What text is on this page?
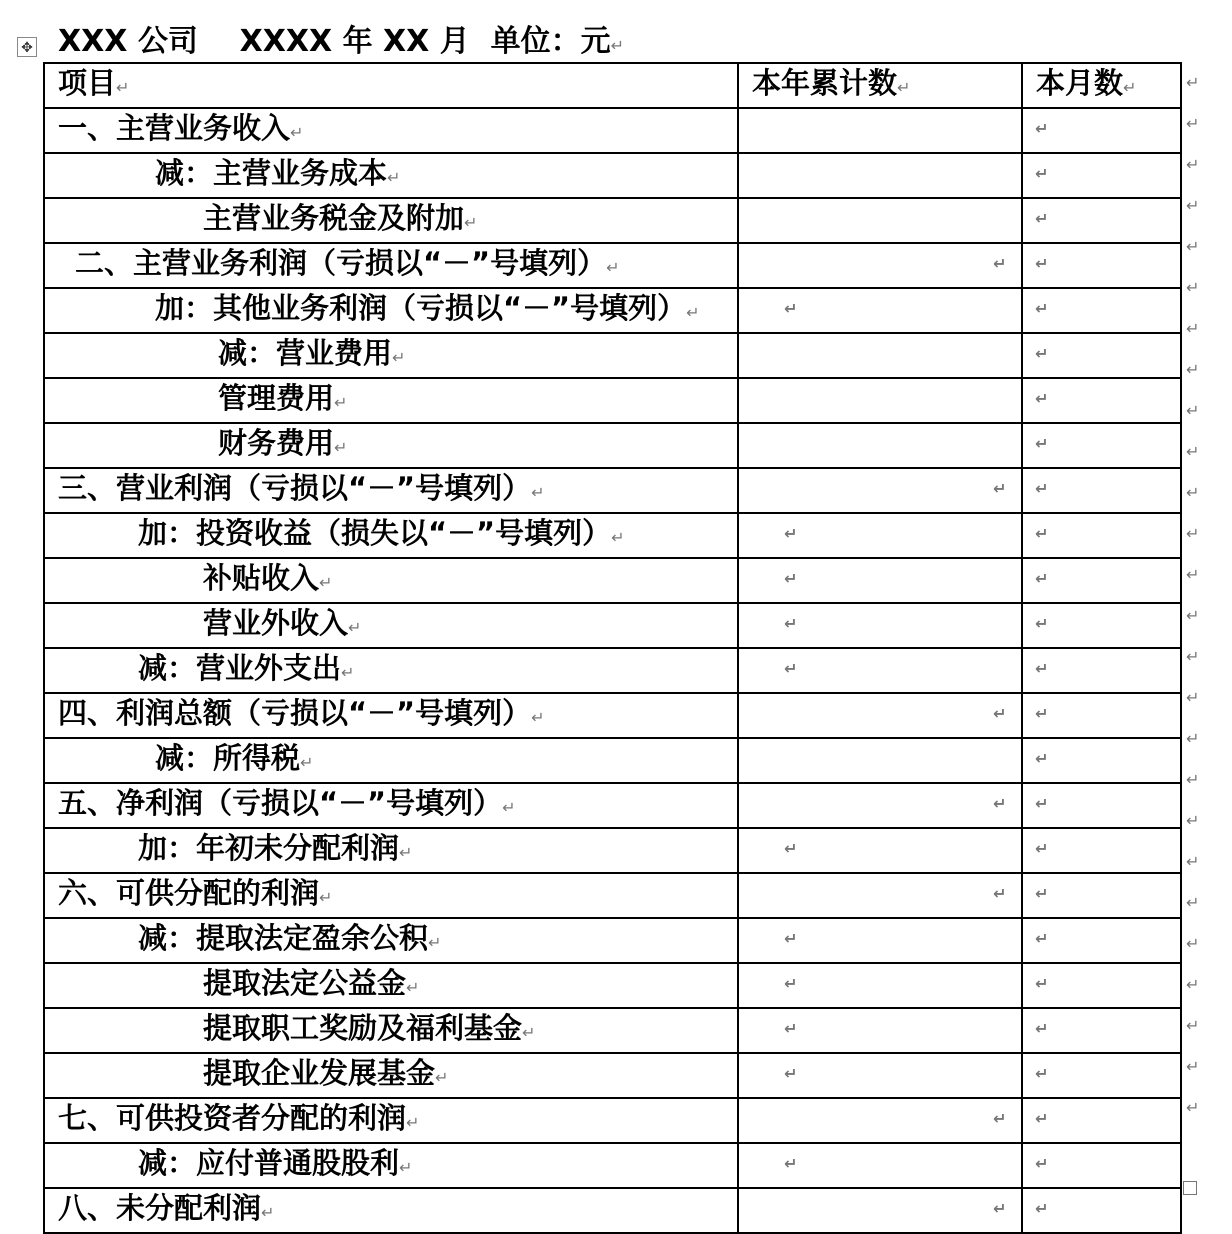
✥ XXX 公司    XXXX 年 XX 月  单位：元↵
项目↵	本年累计数↵	本月数↵
一、主营业务收入↵		↵

减：主营业务成本↵		↵

主营业务税金及附加↵		↵

二、主营业务利润（亏损以“－”号填列）↵	↵	↵

加：其他业务利润（亏损以“－”号填列）↵	↵	↵

减：营业费用↵		↵

管理费用↵		↵

财务费用↵		↵

三、营业利润（亏损以“－”号填列）↵	↵	↵

加：投资收益（损失以“－”号填列）↵	↵	↵

补贴收入↵	↵	↵

营业外收入↵	↵	↵

减：营业外支出↵	↵	↵

四、利润总额（亏损以“－”号填列）↵	↵	↵

减：所得税↵		↵

五、净利润（亏损以“－”号填列）↵	↵	↵

加：年初未分配利润↵	↵	↵

六、可供分配的利润↵	↵	↵

减：提取法定盈余公积↵	↵	↵

提取法定公益金↵	↵	↵

提取职工奖励及福利基金↵	↵	↵

提取企业发展基金↵	↵	↵

七、可供投资者分配的利润↵	↵	↵

减：应付普通股股利↵	↵	↵

八、未分配利润↵	↵	↵
↵
↵
↵
↵
↵
↵
↵
↵
↵
↵
↵
↵
↵
↵
↵
↵
↵
↵
↵
↵
↵
↵
↵
↵
↵
↵
